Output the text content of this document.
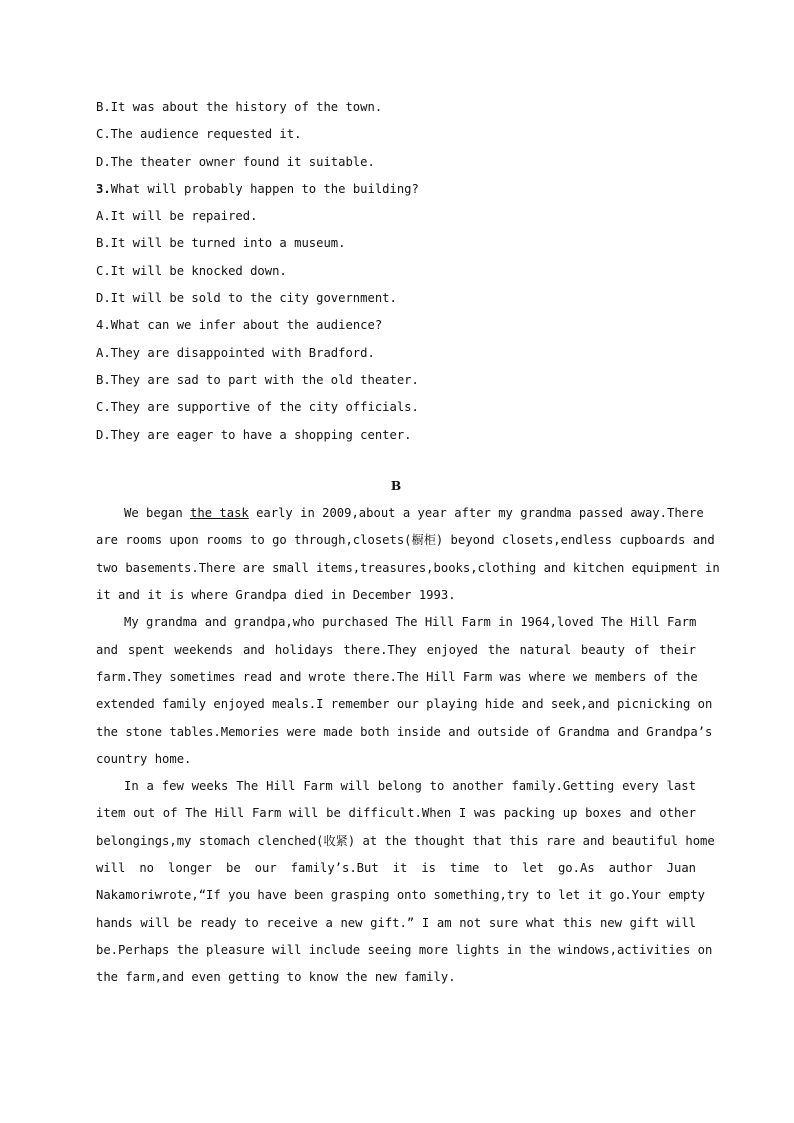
B.It was about the history of the town.
C.The audience requested it.
D.The theater owner found it suitable.
3.What will probably happen to the building?
A.It will be repaired.
B.It will be turned into a museum.
C.It will be knocked down.
D.It will be sold to the city government.
4.What can we infer about the audience?
A.They are disappointed with Bradford.
B.They are sad to part with the old theater.
C.They are supportive of the city officials.
D.They are eager to have a shopping center.
B
We began the task early in 2009,about a year after my grandma passed away.There
are rooms upon rooms to go through,closets(橱柜) beyond closets,endless cupboards and
two basements.There are small items,treasures,books,clothing and kitchen equipment in
it and it is where Grandpa died in December 1993.
My grandma and grandpa,who purchased The Hill Farm in 1964,loved The Hill Farm
and spent weekends and holidays there.They enjoyed the natural beauty of their
farm.They sometimes read and wrote there.The Hill Farm was where we members of the
extended family enjoyed meals.I remember our playing hide and seek,and picnicking on
the stone tables.Memories were made both inside and outside of Grandma and Grandpa’s
country home.
In a few weeks The Hill Farm will belong to another family.Getting every last
item out of The Hill Farm will be difficult.When I was packing up boxes and other
belongings,my stomach clenched(收紧) at the thought that this rare and beautiful home
will no longer be our family’s.But it is time to let go.As author Juan
Nakamoriwrote,“If you have been grasping onto something,try to let it go.Your empty
hands will be ready to receive a new gift.” I am not sure what this new gift will
be.Perhaps the pleasure will include seeing more lights in the windows,activities on
the farm,and even getting to know the new family.
